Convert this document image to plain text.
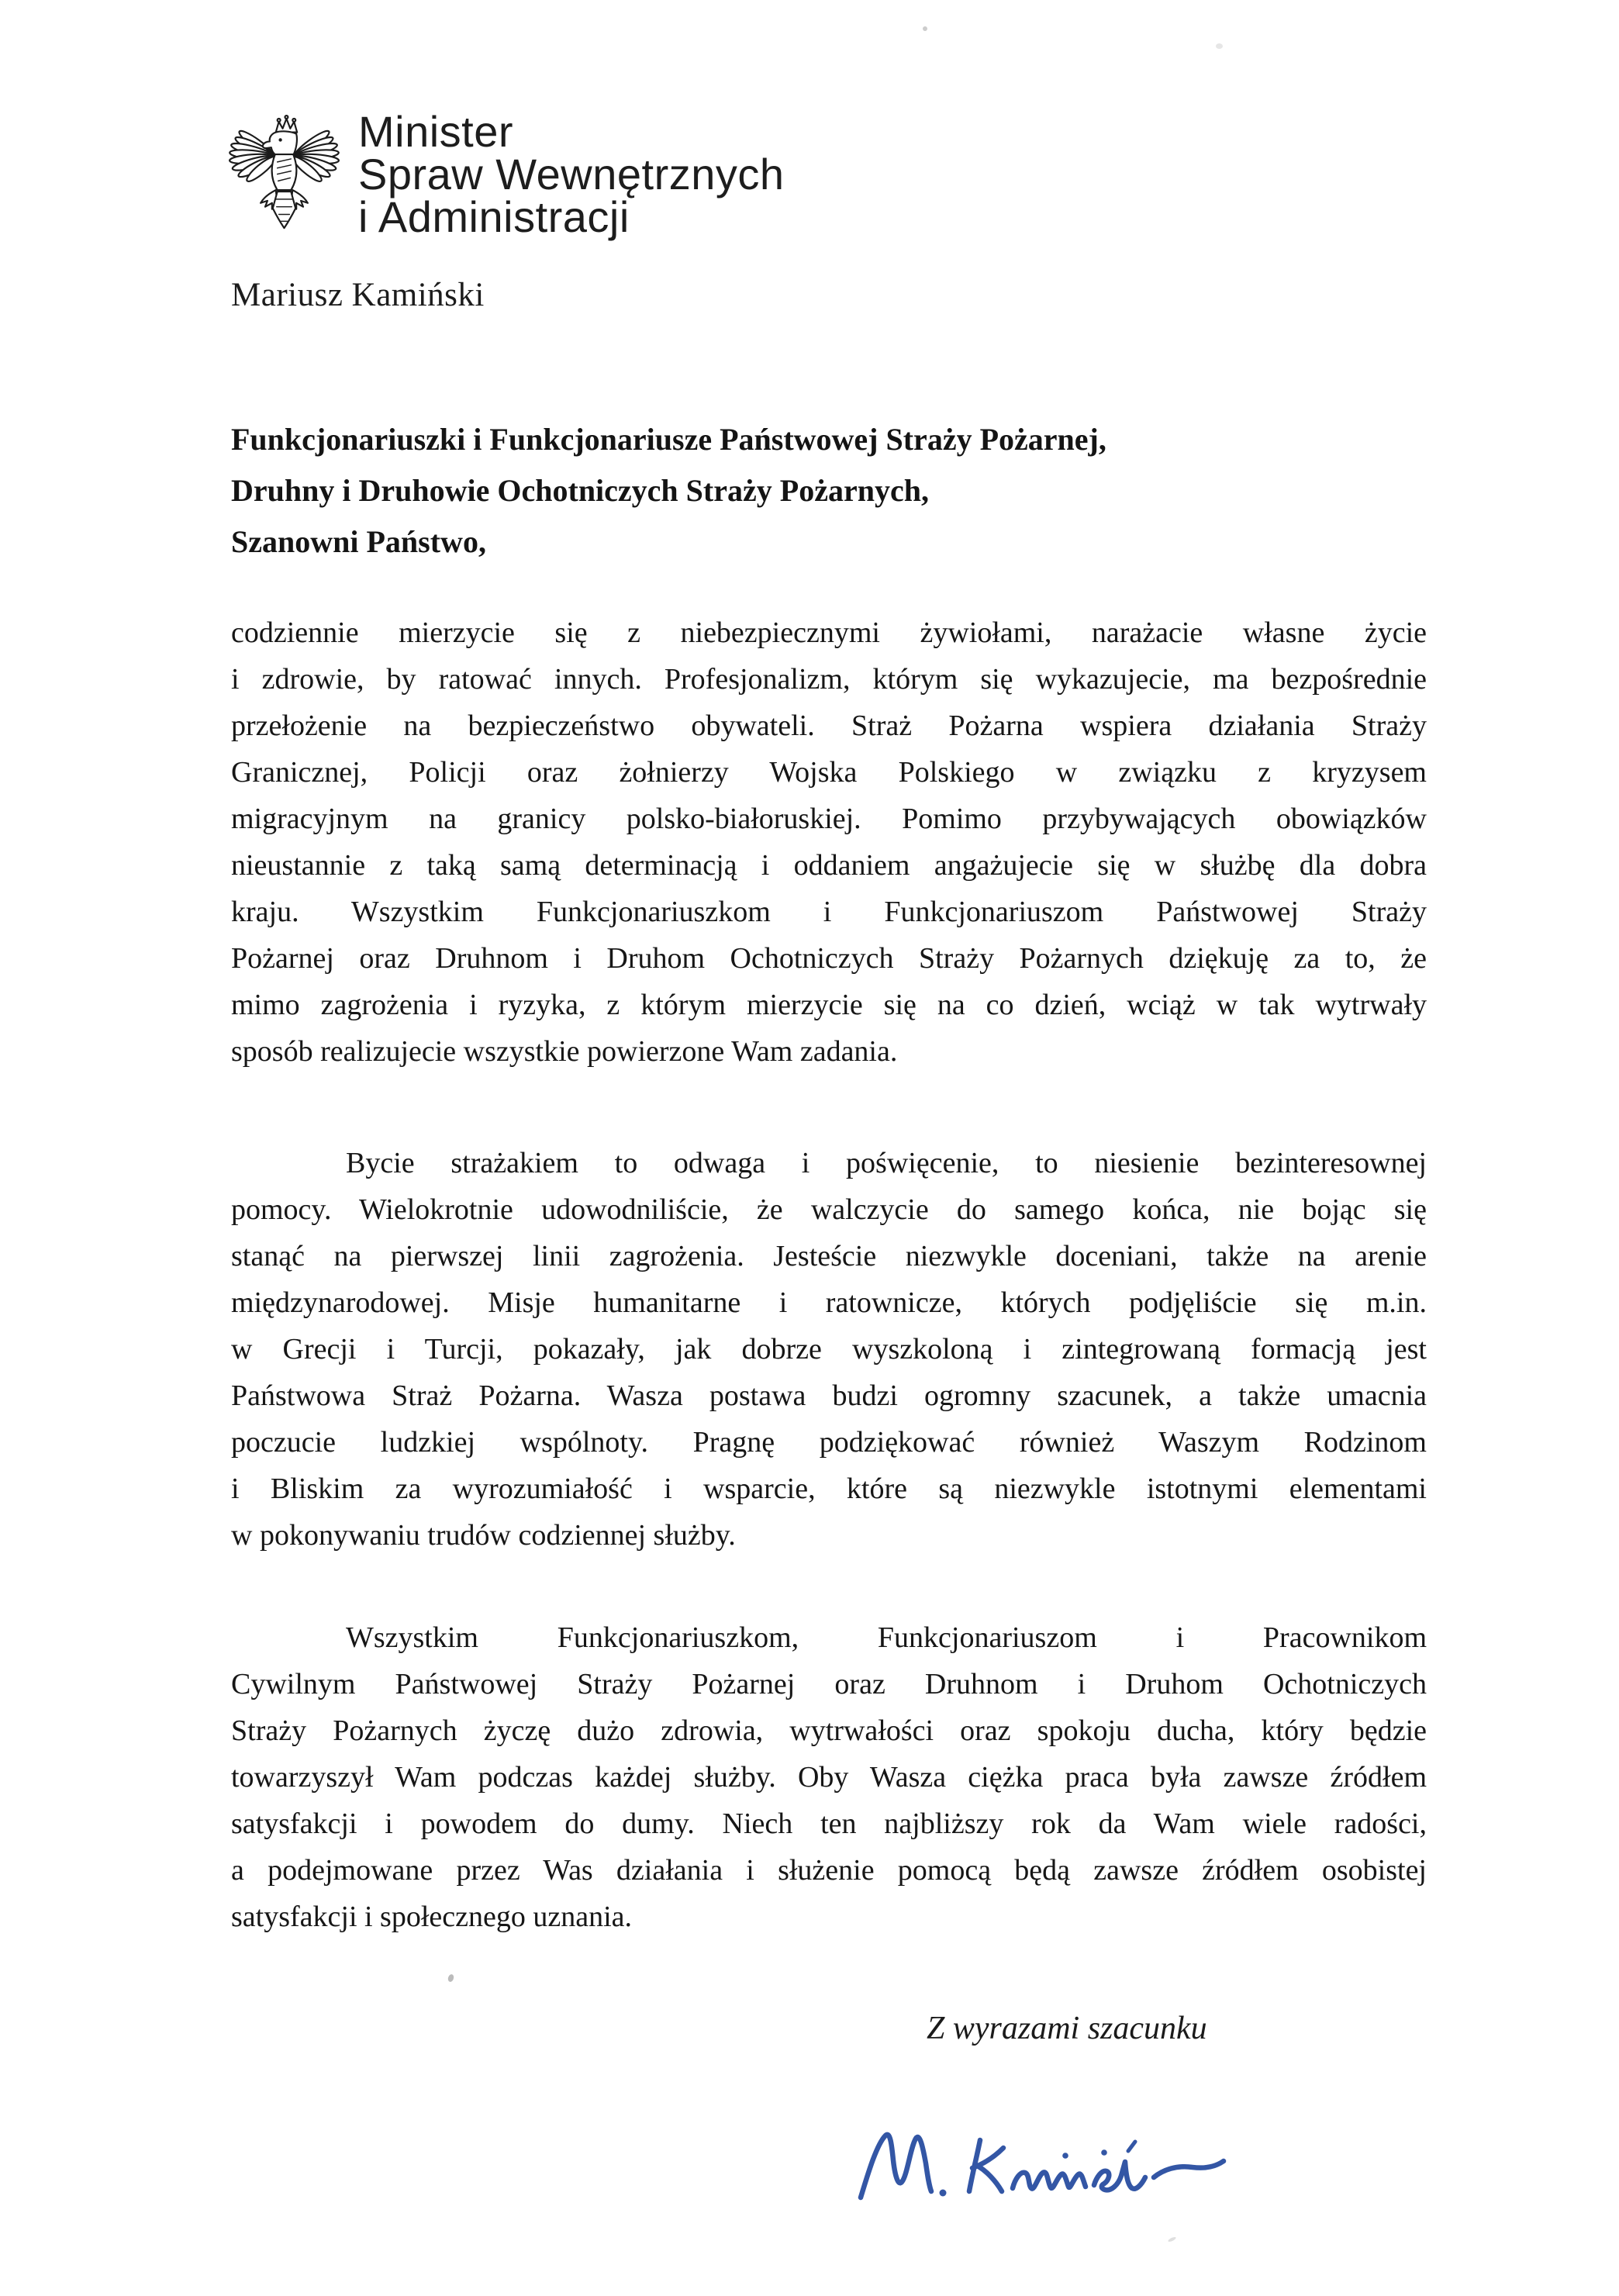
Minister
Spraw Wewnętrznych
i Administracji
Mariusz Kamiński
Funkcjonariuszki i Funkcjonariusze Państwowej Straży Pożarnej,
Druhny i Druhowie Ochotniczych Straży Pożarnych,
Szanowni Państwo,
codziennie mierzycie się z niebezpiecznymi żywiołami, narażacie własne życie
i zdrowie, by ratować innych. Profesjonalizm, którym się wykazujecie, ma bezpośrednie
przełożenie na bezpieczeństwo obywateli. Straż Pożarna wspiera działania Straży
Granicznej, Policji oraz żołnierzy Wojska Polskiego w związku z kryzysem
migracyjnym na granicy polsko-białoruskiej. Pomimo przybywających obowiązków
nieustannie z taką samą determinacją i oddaniem angażujecie się w służbę dla dobra
kraju. Wszystkim Funkcjonariuszkom i Funkcjonariuszom Państwowej Straży
Pożarnej oraz Druhnom i Druhom Ochotniczych Straży Pożarnych dziękuję za to, że
mimo zagrożenia i ryzyka, z którym mierzycie się na co dzień, wciąż w tak wytrwały
sposób realizujecie wszystkie powierzone Wam zadania.
Bycie strażakiem to odwaga i poświęcenie, to niesienie bezinteresownej
pomocy. Wielokrotnie udowodniliście, że walczycie do samego końca, nie bojąc się
stanąć na pierwszej linii zagrożenia. Jesteście niezwykle doceniani, także na arenie
międzynarodowej. Misje humanitarne i ratownicze, których podjęliście się m.in.
w Grecji i Turcji, pokazały, jak dobrze wyszkoloną i zintegrowaną formacją jest
Państwowa Straż Pożarna. Wasza postawa budzi ogromny szacunek, a także umacnia
poczucie ludzkiej wspólnoty. Pragnę podziękować również Waszym Rodzinom
i Bliskim za wyrozumiałość i wsparcie, które są niezwykle istotnymi elementami
w pokonywaniu trudów codziennej służby.
Wszystkim Funkcjonariuszkom, Funkcjonariuszom i Pracownikom
Cywilnym Państwowej Straży Pożarnej oraz Druhnom i Druhom Ochotniczych
Straży Pożarnych życzę dużo zdrowia, wytrwałości oraz spokoju ducha, który będzie
towarzyszył Wam podczas każdej służby. Oby Wasza ciężka praca była zawsze źródłem
satysfakcji i powodem do dumy. Niech ten najbliższy rok da Wam wiele radości,
a podejmowane przez Was działania i służenie pomocą będą zawsze źródłem osobistej
satysfakcji i społecznego uznania.
Z wyrazami szacunku
